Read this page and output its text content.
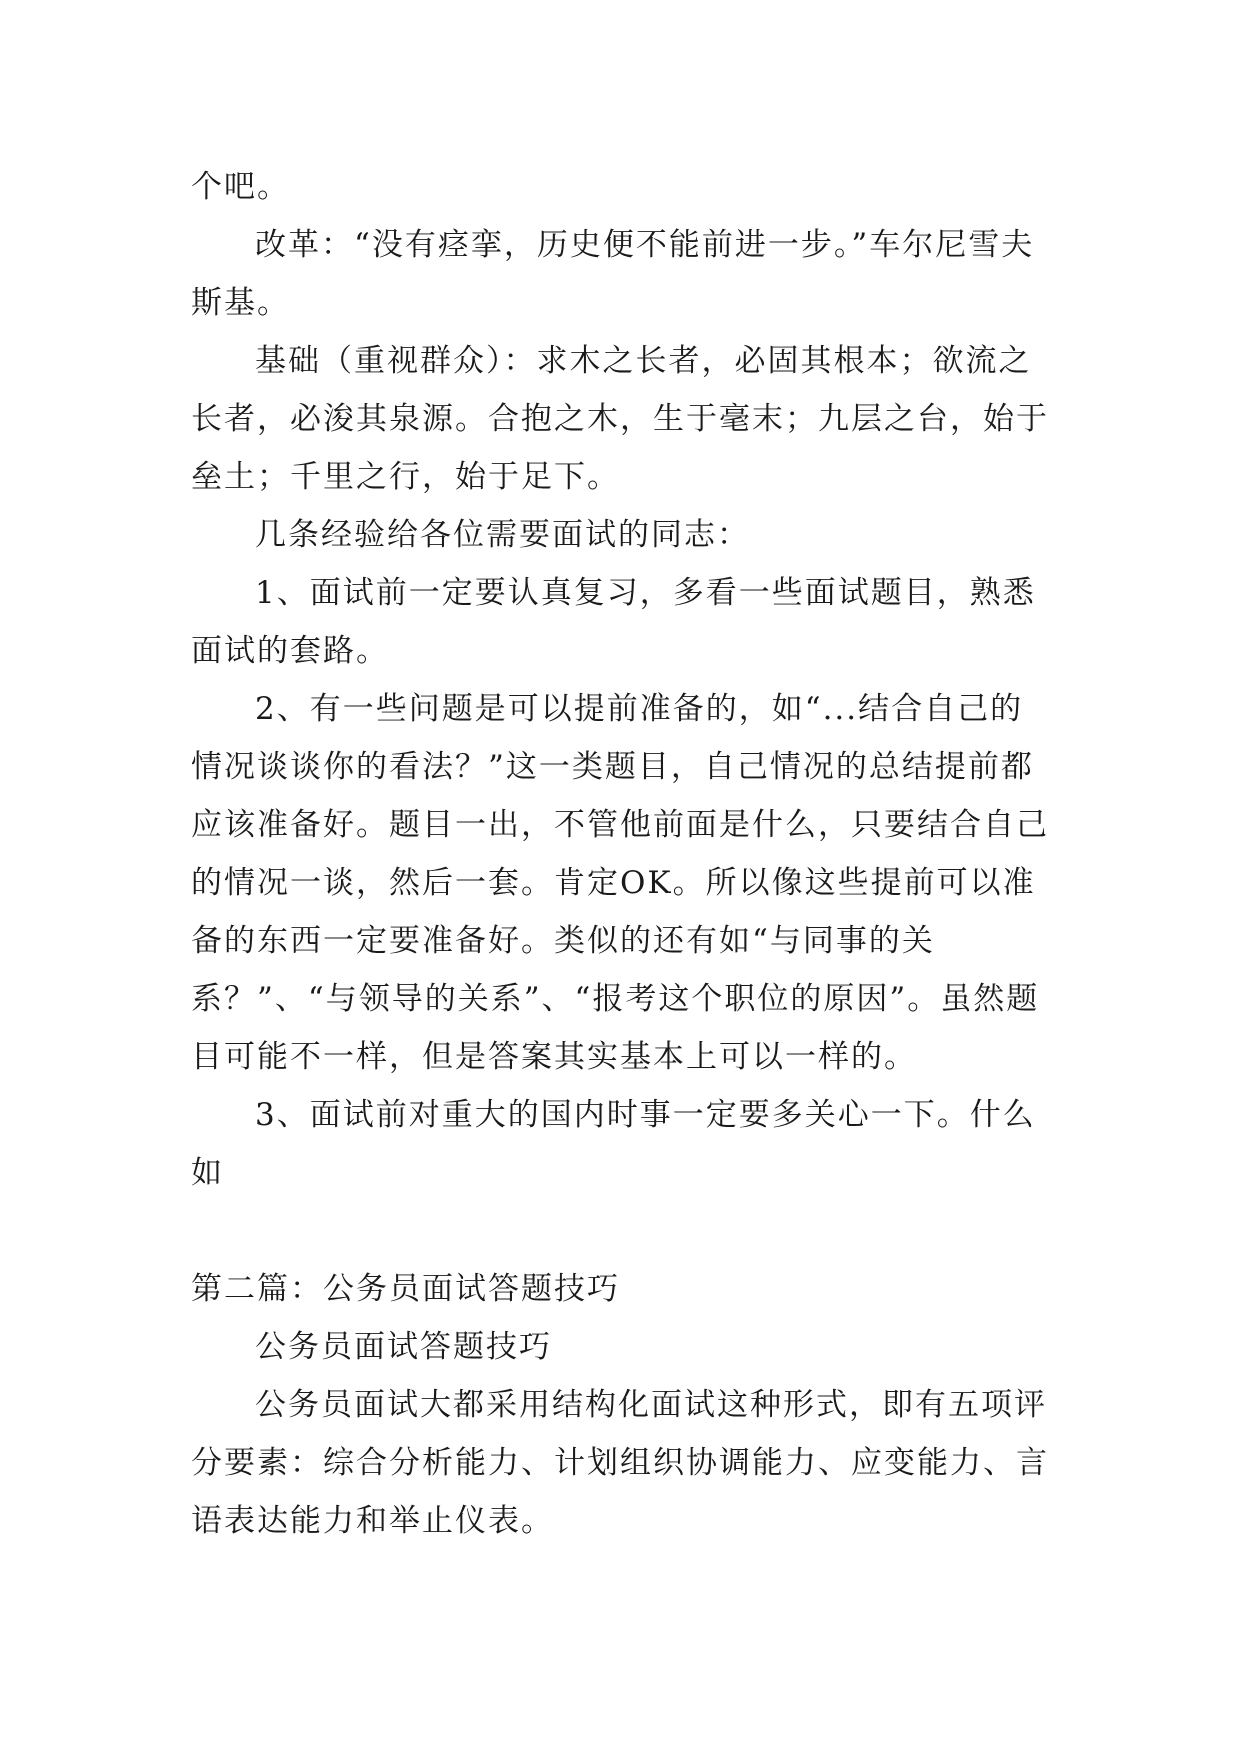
个吧。

改革：“没有痉挛，历史便不能前进一步。”车尔尼雪夫斯基。

基础（重视群众）：求木之长者，必固其根本；欲流之长者，必浚其泉源。合抱之木，生于毫末；九层之台，始于垒土；千里之行，始于足下。

几条经验给各位需要面试的同志：

1、面试前一定要认真复习，多看一些面试题目，熟悉面试的套路。

2、有一些问题是可以提前准备的，如“...结合自己的情况谈谈你的看法？”这一类题目，自己情况的总结提前都应该准备好。题目一出，不管他前面是什么，只要结合自己的情况一谈，然后一套。肯定OK。所以像这些提前可以准备的东西一定要准备好。类似的还有如“与同事的关系？”、“与领导的关系”、“报考这个职位的原因”。虽然题目可能不一样，但是答案其实基本上可以一样的。

3、面试前对重大的国内时事一定要多关心一下。什么如

第二篇：公务员面试答题技巧

公务员面试答题技巧

公务员面试大都采用结构化面试这种形式，即有五项评分要素：综合分析能力、计划组织协调能力、应变能力、言语表达能力和举止仪表。
